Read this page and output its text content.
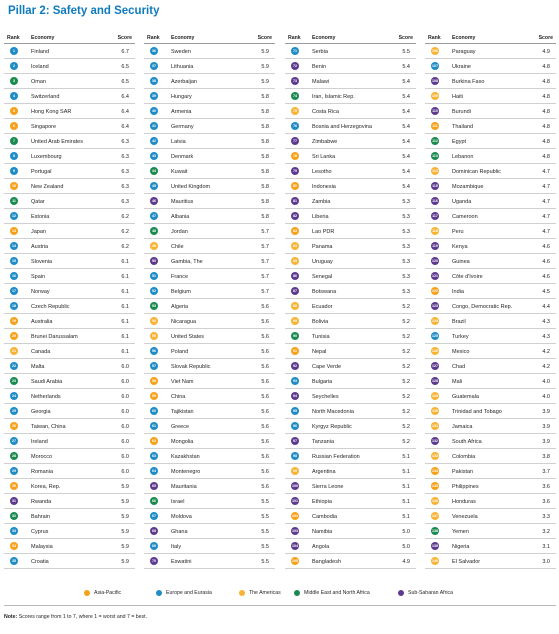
Pillar 2: Safety and Security
Rank Economy	Score
1	Finland	6.7
2	Iceland	6.5
3	Oman	6.5
4	Switzerland	6.4
5	Hong Kong SAR	6.4
6	Singapore	6.4
7	United Arab Emirates	6.3
8	Luxembourg	6.3
9	Portugal	6.3
10	New Zealand	6.3
11	Qatar	6.3
12	Estonia	6.2
13	Japan	6.2
14	Austria	6.2
15	Slovenia	6.1
16	Spain	6.1
17	Norway	6.1
18	Czech Republic	6.1
19	Australia	6.1
20	Brunei Darussalam	6.1
21	Canada	6.1
22	Malta	6.0
23	Saudi Arabia	6.0
24	Netherlands	6.0
25	Georgia	6.0
26	Taiwan, China	6.0
27	Ireland	6.0
28	Morocco	6.0
29	Romania	6.0
30	Korea, Rep.	5.9
31	Rwanda	5.9
32	Bahrain	5.9
33	Cyprus	5.9
34	Malaysia	5.9
35	Croatia	5.9
Rank Economy	Score
36	Sweden	5.9
37	Lithuania	5.9
38	Azerbaijan	5.9
39	Hungary	5.8
40	Armenia	5.8
41	Germany	5.8
42	Latvia	5.8
43	Denmark	5.8
44	Kuwait	5.8
45	United Kingdom	5.8
46	Mauritius	5.8
47	Albania	5.8
48	Jordan	5.7
49	Chile	5.7
50	Gambia, The	5.7
51	France	5.7
52	Belgium	5.7
53	Algeria	5.6
54	Nicaragua	5.6
55	United States	5.6
56	Poland	5.6
57	Slovak Republic	5.6
58	Viet Nam	5.6
59	China	5.6
60	Tajikistan	5.6
61	Greece	5.6
62	Mongolia	5.6
63	Kazakhstan	5.6
64	Montenegro	5.6
65	Mauritania	5.6
66	Israel	5.5
67	Moldova	5.5
68	Ghana	5.5
69	Italy	5.5
70	Eswatini	5.5
Rank Economy	Score
71	Serbia	5.5
72	Benin	5.4
73	Malawi	5.4
74	Iran, Islamic Rep.	5.4
75	Costa Rica	5.4
76	Bosnia and Herzegovina	5.4
77	Zimbabwe	5.4
78	Sri Lanka	5.4
79	Lesotho	5.4
80	Indonesia	5.4
81	Zambia	5.3
82	Liberia	5.3
83	Lao PDR	5.3
84	Panama	5.3
85	Uruguay	5.3
86	Senegal	5.3
87	Botswana	5.3
88	Ecuador	5.2
89	Bolivia	5.2
90	Tunisia	5.2
91	Nepal	5.2
92	Cape Verde	5.2
93	Bulgaria	5.2
94	Seychelles	5.2
95	North Macedonia	5.2
96	Kyrgyz Republic	5.2
97	Tanzania	5.2
98	Russian Federation	5.1
99	Argentina	5.1
100	Sierra Leone	5.1
101	Ethiopia	5.1
102	Cambodia	5.1
103	Namibia	5.0
104	Angola	5.0
105	Bangladesh	4.9
Rank Economy	Score
106	Paraguay	4.9
107	Ukraine	4.8
108	Burkina Faso	4.8
109	Haiti	4.8
110	Burundi	4.8
111	Thailand	4.8
112	Egypt	4.8
113	Lebanon	4.8
114	Dominican Republic	4.7
115	Mozambique	4.7
116	Uganda	4.7
117	Cameroon	4.7
118	Peru	4.7
119	Kenya	4.6
120	Guinea	4.6
121	Côte d'Ivoire	4.6
122	India	4.5
123	Congo, Democratic Rep.	4.4
124	Brazil	4.3
125	Turkey	4.3
126	Mexico	4.2
127	Chad	4.2
128	Mali	4.0
129	Guatemala	4.0
130	Trinidad and Tobago	3.9
131	Jamaica	3.9
132	South Africa	3.9
133	Colombia	3.8
134	Pakistan	3.7
135	Philippines	3.6
136	Honduras	3.6
137	Venezuela	3.3
138	Yemen	3.2
139	Nigeria	3.1
140	El Salvador	3.0
Asia-Pacific	Europe and Eurasia	The Americas	Middle East and North Africa	Sub-Saharan Africa
Note: Scores range from 1 to 7, where 1 = worst and 7 = best.
